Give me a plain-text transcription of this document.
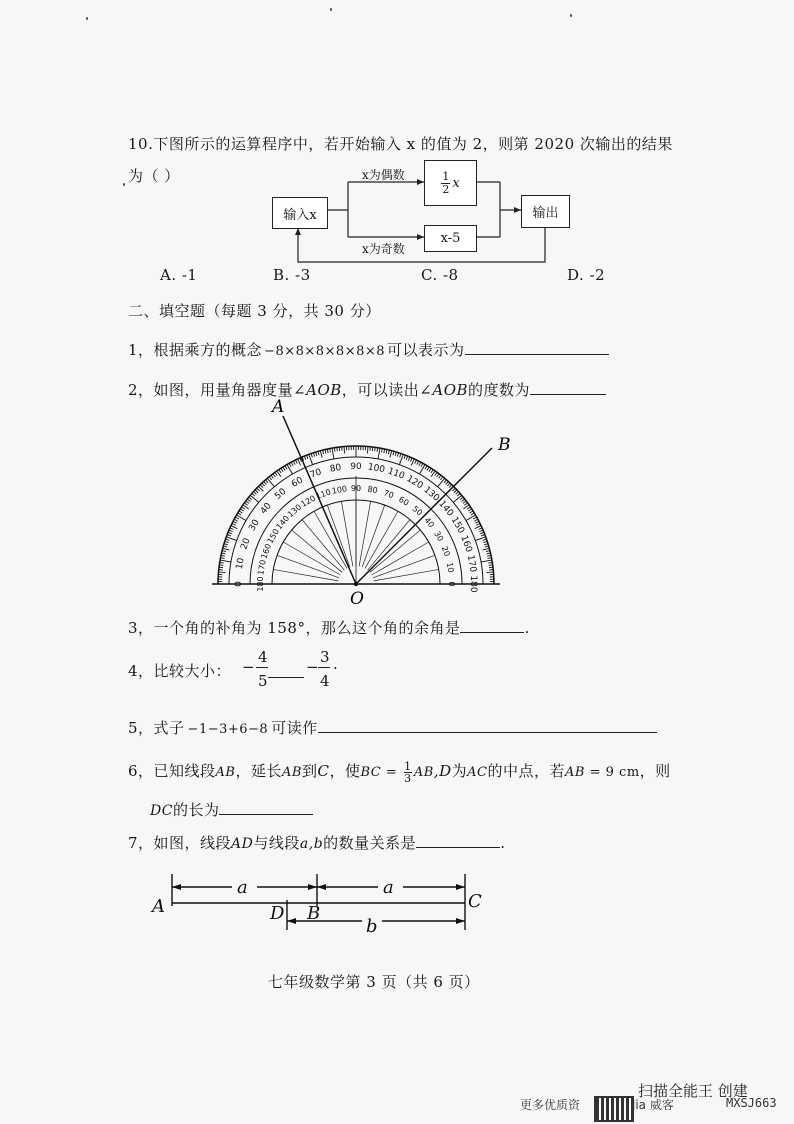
10.下图所示的运算程序中，若开始输入 x 的值为 2，则第 2020 次输出的结果
为（ ）
输入x
x为偶数	1
2 x
x为奇数
x-5
输出
A. -1	B. -3	C. -8	D. -2
二、填空题（每题 3 分，共 30 分）
1，根据乘方的概念 −8×8×8×8×8×8 可以表示为
2，如图，用量角器度量∠AOB，可以读出∠AOB的度数为
0
10
20
30
40
50
60
70 80 90 100 110
120
130
140
150
160
170
180
180
170
160
150
140
130
120
110 100 90 80 70
60
50
40
30
20
10
0
A
B
O
3，一个角的补角为 158°，那么这个角的余角是	.
4，比较大小： −
4
5
−
3
4
.
5，式子 −1−3+6−8 可读作
6，已知线段AB，延长AB到C，使BC = $\frac{1}{3} AB,D$为AC的中点，若AB = 9 cm，则
DC的长为
7，如图，线段AD与线段a,b的数量关系是	.
a	a
b
A	D B
C
七年级数学第 3 页（共 6 页）
更多优质资	jia 威客	MXSJ663
扫描全能王 创建
